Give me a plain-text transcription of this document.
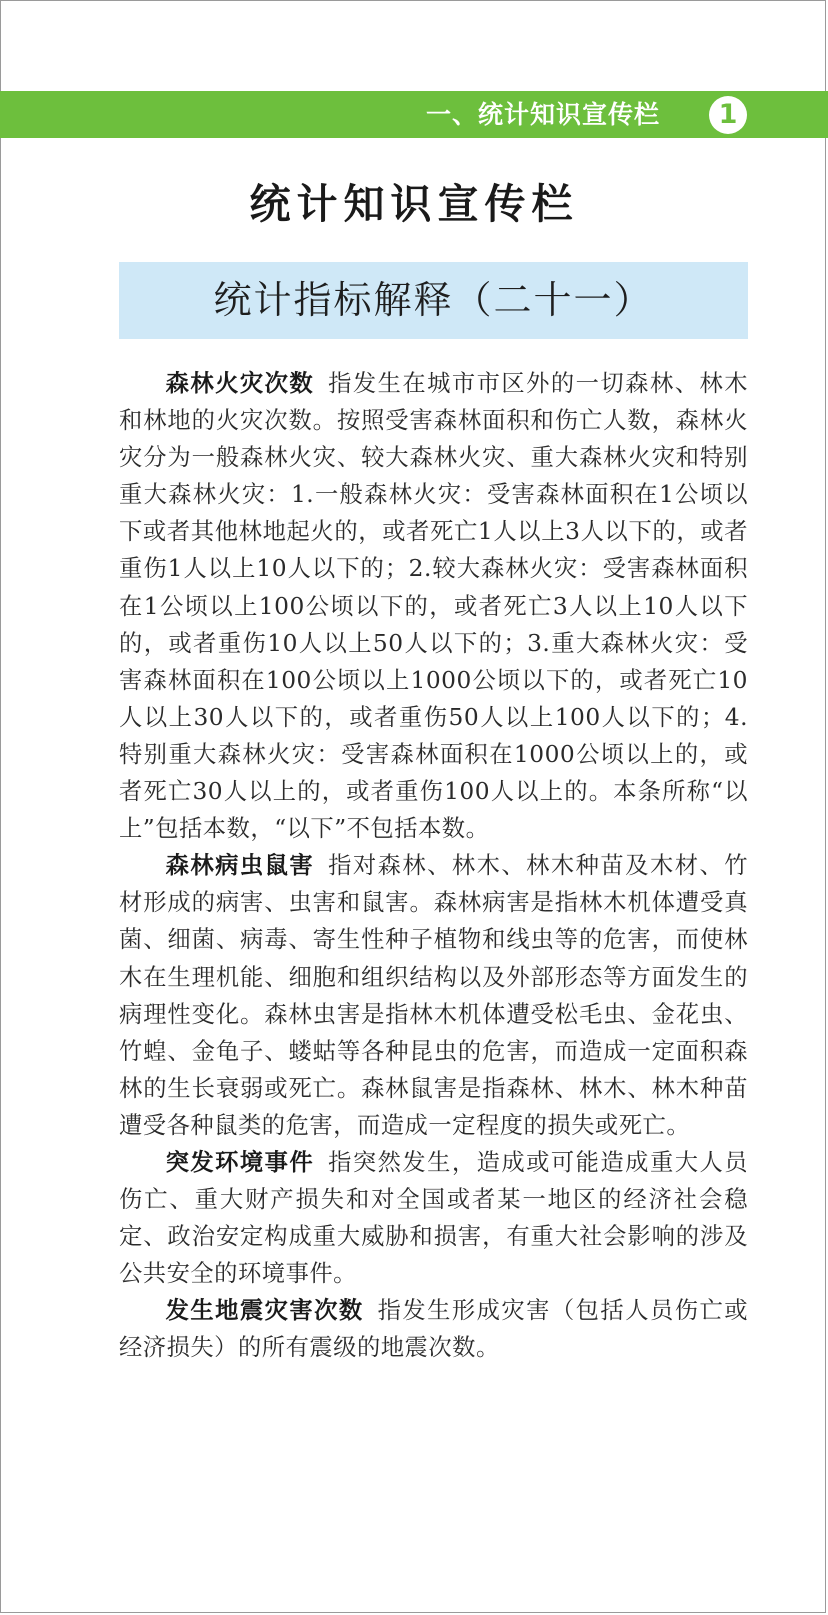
一、统计知识宣传栏	1
统计知识宣传栏
统计指标解释（二十一）

森林火灾次数 指发生在城市市区外的一切森林、林木和林地的火灾次数。按照受害森林面积和伤亡人数，森林火灾分为一般森林火灾、较大森林火灾、重大森林火灾和特别重大森林火灾：1.一般森林火灾：受害森林面积在1公顷以下或者其他林地起火的，或者死亡1人以上3人以下的，或者重伤1人以上10人以下的；2.较大森林火灾：受害森林面积在1公顷以上100公顷以下的，或者死亡3人以上10人以下的，或者重伤10人以上50人以下的；3.重大森林火灾：受害森林面积在100公顷以上1000公顷以下的，或者死亡10人以上30人以下的，或者重伤50人以上100人以下的；4.特别重大森林火灾：受害森林面积在1000公顷以上的，或者死亡30人以上的，或者重伤100人以上的。本条所称“以上”包括本数，“以下”不包括本数。

森林病虫鼠害 指对森林、林木、林木种苗及木材、竹材形成的病害、虫害和鼠害。森林病害是指林木机体遭受真菌、细菌、病毒、寄生性种子植物和线虫等的危害，而使林木在生理机能、细胞和组织结构以及外部形态等方面发生的病理性变化。森林虫害是指林木机体遭受松毛虫、金花虫、竹蝗、金龟子、蝼蛄等各种昆虫的危害，而造成一定面积森林的生长衰弱或死亡。森林鼠害是指森林、林木、林木种苗遭受各种鼠类的危害，而造成一定程度的损失或死亡。

突发环境事件 指突然发生，造成或可能造成重大人员伤亡、重大财产损失和对全国或者某一地区的经济社会稳定、政治安定构成重大威胁和损害，有重大社会影响的涉及公共安全的环境事件。

发生地震灾害次数 指发生形成灾害（包括人员伤亡或经济损失）的所有震级的地震次数。
